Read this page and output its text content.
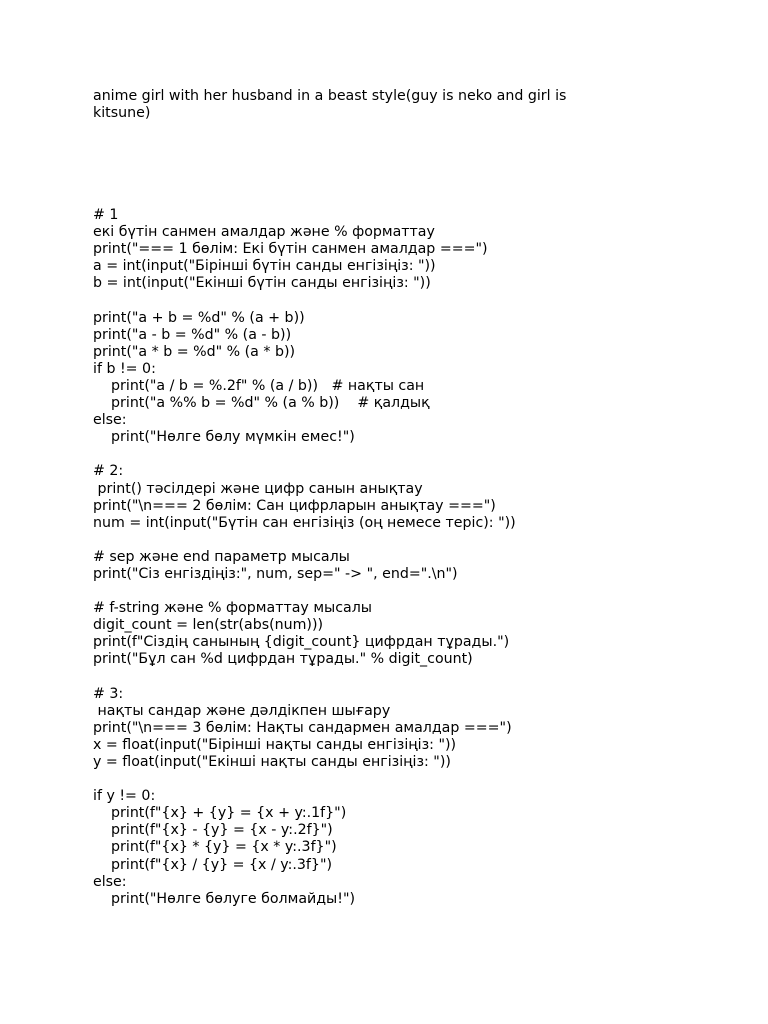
anime girl with her husband in a beast style(guy is neko and girl is
kitsune)
# 1
екі бүтін санмен амалдар және % форматтау
print("=== 1 бөлім: Екі бүтін санмен амалдар ===")
a = int(input("Бірінші бүтін санды енгізіңіз: "))
b = int(input("Екінші бүтін санды енгізіңіз: "))
print("a + b = %d" % (a + b))
print("a - b = %d" % (a - b))
print("a * b = %d" % (a * b))
if b != 0:
print("a / b = %.2f" % (a / b))   # нақты сан
print("a %% b = %d" % (a % b))    # қалдық
else:
print("Нөлге бөлу мүмкін емес!")
# 2:
print() тәсілдері және цифр санын анықтау
print("\n=== 2 бөлім: Сан цифрларын анықтау ===")
num = int(input("Бүтін сан енгізіңіз (оң немесе теріс): "))
# sep және end параметр мысалы
print("Сіз енгіздіңіз:", num, sep=" -> ", end=".\n")
# f-string және % форматтау мысалы
digit_count = len(str(abs(num)))
print(f"Сіздің санының {digit_count} цифрдан тұрады.")
print("Бұл сан %d цифрдан тұрады." % digit_count)
# 3:
нақты сандар және дәлдікпен шығару
print("\n=== 3 бөлім: Нақты сандармен амалдар ===")
x = float(input("Бірінші нақты санды енгізіңіз: "))
y = float(input("Екінші нақты санды енгізіңіз: "))
if y != 0:
print(f"{x} + {y} = {x + y:.1f}")
print(f"{x} - {y} = {x - y:.2f}")
print(f"{x} * {y} = {x * y:.3f}")
print(f"{x} / {y} = {x / y:.3f}")
else:
print("Нөлге бөлуге болмайды!")
